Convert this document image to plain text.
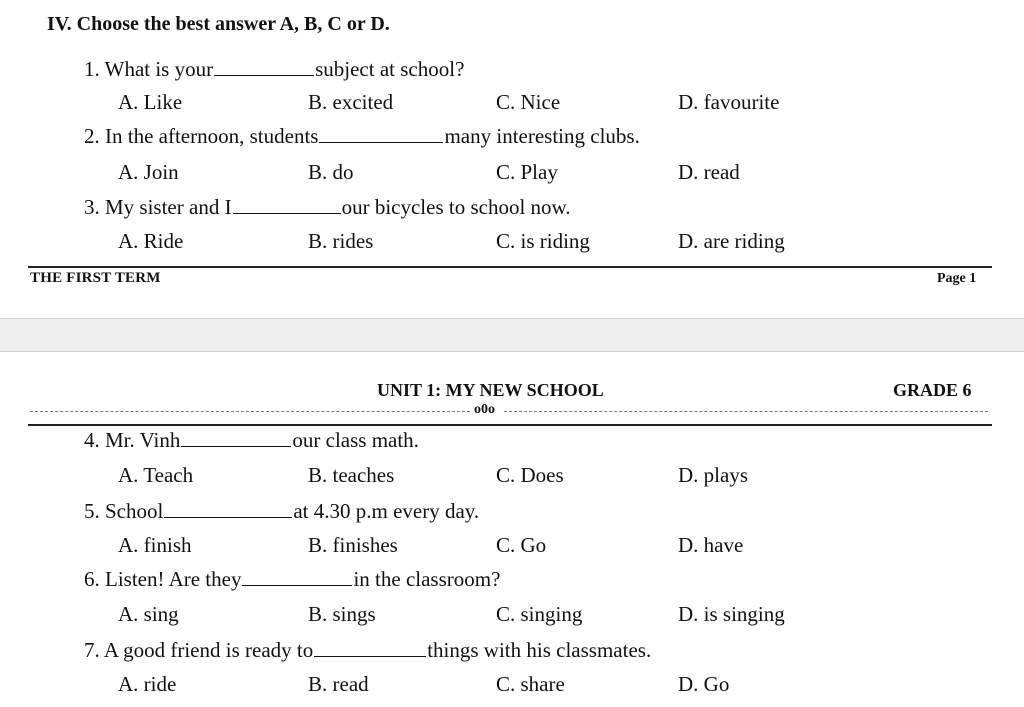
IV. Choose the best answer A, B, C or D.
1. What is your	subject at school?
A. Like	B. excited	C. Nice	D. favourite
2. In the afternoon, students	many interesting clubs.
A. Join	B. do	C. Play	D. read
3. My sister and I	our bicycles to school now.
A. Ride	B. rides	C. is riding	D. are riding
THE FIRST TERM	Page 1
UNIT 1: MY NEW SCHOOL	GRADE 6
o0o
4. Mr. Vinh	our class math.
A. Teach	B. teaches	C. Does	D. plays
5. School	at 4.30 p.m every day.
A. finish	B. finishes	C. Go	D. have
6. Listen! Are they	in the classroom?
A. sing	B. sings	C. singing	D. is singing
7. A good friend is ready to	things with his classmates.
A. ride	B. read	C. share	D. Go
